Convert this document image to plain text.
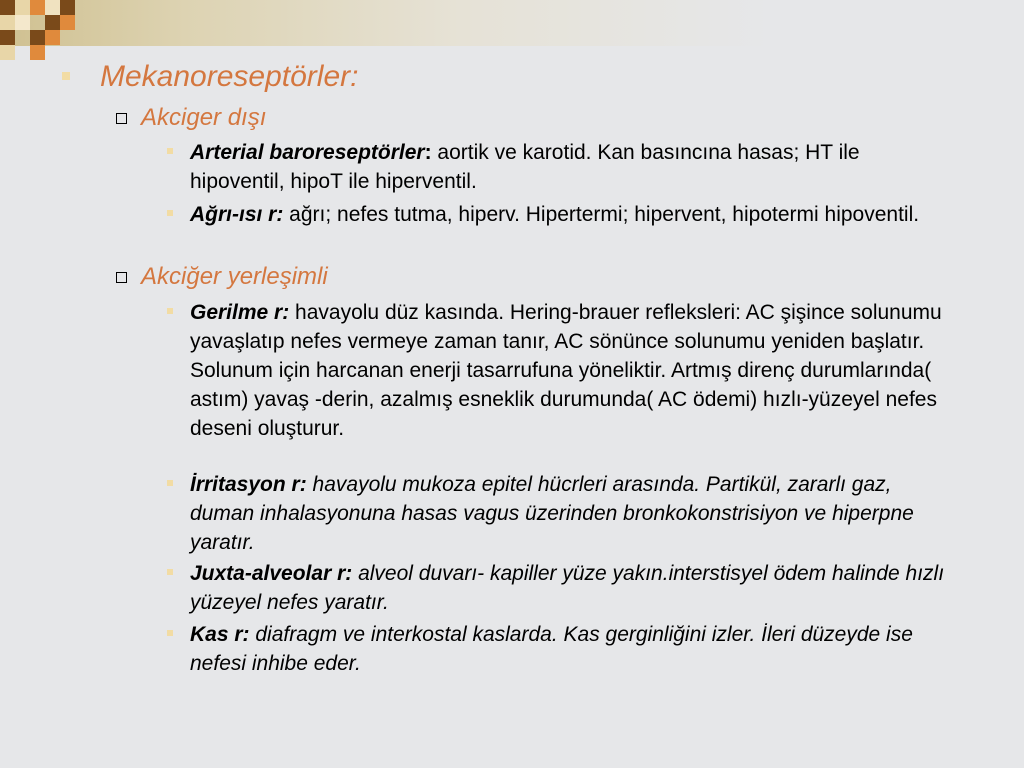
Mekanoreseptörler:
Akciger dışı
Arterial baroreseptörler: aortik ve karotid. Kan basıncına hasas; HT ile hipoventil, hipoT ile hiperventil.
Ağrı-ısı r: ağrı; nefes tutma, hiperv. Hipertermi; hipervent, hipotermi hipoventil.
Akciğer yerleşimli
Gerilme r: havayolu düz kasında. Hering-brauer refleksleri: AC şişince solunumu yavaşlatıp nefes vermeye zaman tanır, AC sönünce solunumu yeniden başlatır. Solunum için harcanan enerji tasarrufuna yöneliktir. Artmış direnç durumlarında( astım) yavaş -derin, azalmış esneklik durumunda( AC ödemi) hızlı-yüzeyel nefes deseni oluşturur.
İrritasyon r: havayolu mukoza epitel hücrleri arasında. Partikül, zararlı gaz, duman inhalasyonuna hasas vagus üzerinden bronkokonstrisiyon ve hiperpne yaratır.
Juxta-alveolar r: alveol duvarı- kapiller yüze yakın.interstisyel ödem halinde hızlı yüzeyel nefes yaratır.
Kas r: diafragm ve interkostal kaslarda. Kas gerginliğini izler. İleri düzeyde ise nefesi inhibe eder.
